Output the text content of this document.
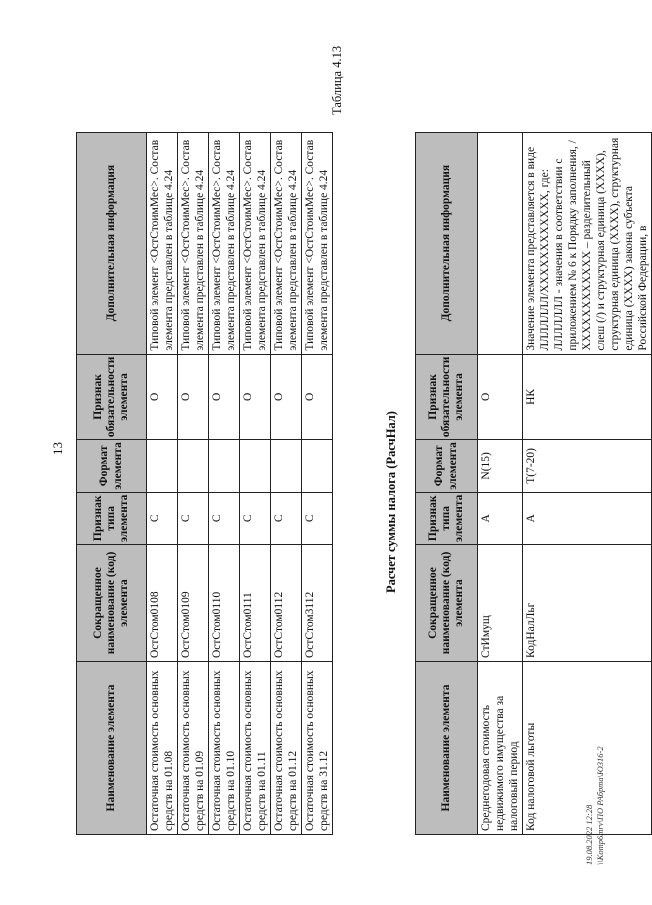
13
Наименование элемента	Сокращенное наименование (код) элемента	Признак типа элемента	Формат элемента	Признак обязательности элемента	Дополнительная информация
Остаточная стоимость основных средств на 01.08	ОстСтом0108	С		О	Типовой элемент <ОстСтоимМес>. Состав элемента представлен в таблице 4.24
Остаточная стоимость основных средств на 01.09	ОстСтом0109	С		О	Типовой элемент <ОстСтоимМес>. Состав элемента представлен в таблице 4.24
Остаточная стоимость основных средств на 01.10	ОстСтом0110	С		О	Типовой элемент <ОстСтоимМес>. Состав элемента представлен в таблице 4.24
Остаточная стоимость основных средств на 01.11	ОстСтом0111	С		О	Типовой элемент <ОстСтоимМес>. Состав элемента представлен в таблице 4.24
Остаточная стоимость основных средств на 01.12	ОстСтом0112	С		О	Типовой элемент <ОстСтоимМес>. Состав элемента представлен в таблице 4.24
Остаточная стоимость основных средств на 31.12	ОстСтом3112	С		О	Типовой элемент <ОстСтоимМес>. Состав элемента представлен в таблице 4.24
Таблица 4.13
Расчет суммы налога (РасчНал)
Наименование элемента	Сокращенное наименование (код) элемента	Признак типа элемента	Формат элемента	Признак обязательности элемента	Дополнительная информация
Среднегодовая стоимость недвижимого имущества за налоговый период	СтИмущ	А	N(15)	О	
Код налоговой льготы	КодНалЛьг	А	T(7-20)	НК	Значение элемента представляется в виде ЛЛЛЛЛЛЛ/ХХХХХХХХХХХХ, где: ЛЛЛЛЛЛЛ - значения в соответствии с приложением № 6 к Порядку заполнения, /ХХХХХХХХХХХХ – разделительный слеш (/) и структурная единица (ХХХХ), структурная единица (ХХХХ), структурная единица (ХХХХ) закона субъекта Российской Федерации, в
19.08.2022 12:28 \\Komp6mrv\ПО РАбрта\Ю316-2
